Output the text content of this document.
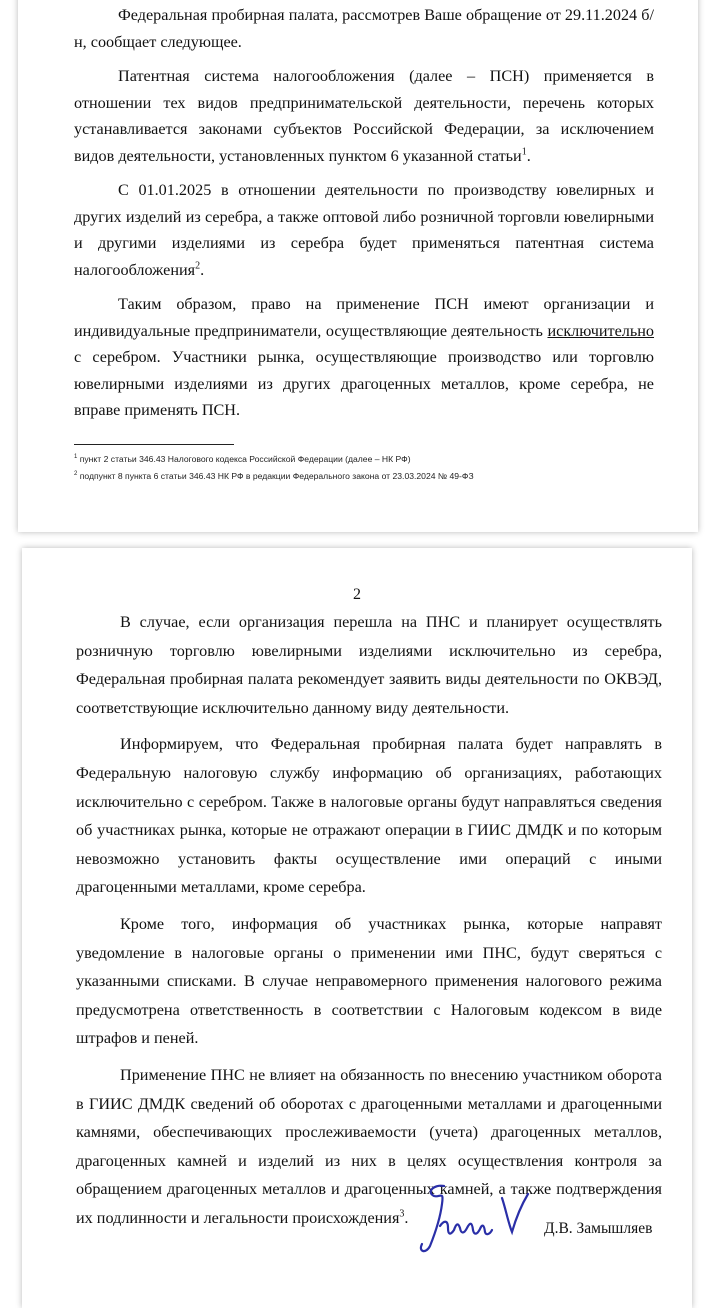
Федеральная пробирная палата, рассмотрев Ваше обращение от 29.11.2024 б/н, сообщает следующее.

Патентная система налогообложения (далее – ПСН) применяется в отношении тех видов предпринимательской деятельности, перечень которых устанавливается законами субъектов Российской Федерации, за исключением видов деятельности, установленных пунктом 6 указанной статьи$^1$.

С 01.01.2025 в отношении деятельности по производству ювелирных и других изделий из серебра, а также оптовой либо розничной торговли ювелирными и другими изделиями из серебра будет применяться патентная система налогообложения$^2$.

Таким образом, право на применение ПСН имеют организации и индивидуальные предприниматели, осуществляющие деятельность исключительно с серебром. Участники рынка, осуществляющие производство или торговлю ювелирными изделиями из других драгоценных металлов, кроме серебра, не вправе применять ПСН.

$^1$ пункт 2 статьи 346.43 Налогового кодекса Российской Федерации (далее – НК РФ)
$^2$ подпункт 8 пункта 6 статьи 346.43 НК РФ в редакции Федерального закона от 23.03.2024 № 49-ФЗ
2

В случае, если организация перешла на ПНС и планирует осуществлять розничную торговлю ювелирными изделиями исключительно из серебра, Федеральная пробирная палата рекомендует заявить виды деятельности по ОКВЭД, соответствующие исключительно данному виду деятельности.

Информируем, что Федеральная пробирная палата будет направлять в Федеральную налоговую службу информацию об организациях, работающих исключительно с серебром. Также в налоговые органы будут направляться сведения об участниках рынка, которые не отражают операции в ГИИС ДМДК и по которым невозможно установить факты осуществление ими операций с иными драгоценными металлами, кроме серебра.

Кроме того, информация об участниках рынка, которые направят уведомление в налоговые органы о применении ими ПНС, будут сверяться с указанными списками. В случае неправомерного применения налогового режима предусмотрена ответственность в соответствии с Налоговым кодексом в виде штрафов и пеней.

Применение ПНС не влияет на обязанность по внесению участником оборота в ГИИС ДМДК сведений об оборотах с драгоценными металлами и драгоценными камнями, обеспечивающих прослеживаемости (учета) драгоценных металлов, драгоценных камней и изделий из них в целях осуществления контроля за обращением драгоценных металлов и драгоценных камней, а также подтверждения их подлинности и легальности происхождения$^3$.

Д.В. Замышляев
